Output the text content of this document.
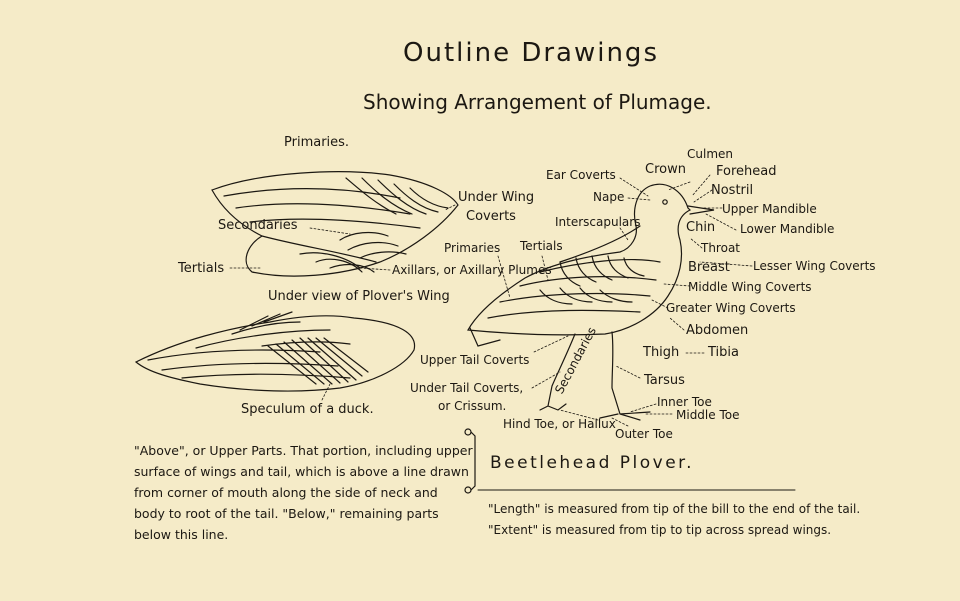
Outline Drawings
Showing Arrangement of Plumage.
Primaries.
Secondaries
Tertials	Axillars, or Axillary Plumes
Under Wing
Coverts
Under view of Plover's Wing
Speculum of a duck.
Culmen
Crown Forehead
Ear Coverts
Nostril
Nape
Upper Mandible
Interscapulars	Chin Lower Mandible
Primaries Tertials	Throat
Breast Lesser Wing Coverts
Middle Wing Coverts
Greater Wing Coverts
Abdomen
Thigh Tibia
Upper Tail Coverts Secondaries	Tarsus
Under Tail Coverts,
or Crissum.	Inner Toe
Middle Toe
Hind Toe, or Hallux
Outer Toe
Beetlehead Plover.
"Above", or Upper Parts. That portion, including upper
surface of wings and tail, which is above a line drawn
from corner of mouth along the side of neck and
body to root of the tail. "Below," remaining parts
below this line.
"Length" is measured from tip of the bill to the end of the tail.
"Extent" is measured from tip to tip across spread wings.
